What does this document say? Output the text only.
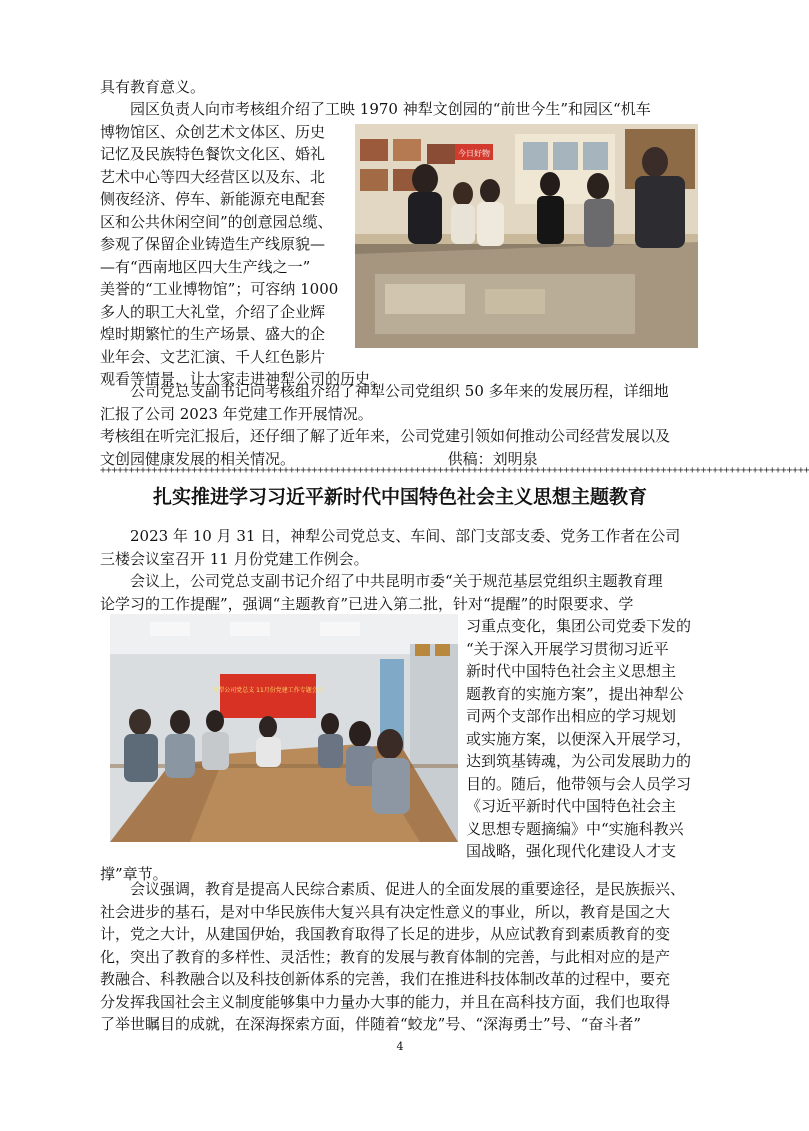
具有教育意义。
园区负责人向市考核组介绍了工映 1970 神犁文创园的“前世今生”和园区“机车
博物馆区、众创艺术文体区、历史
记忆及民族特色餐饮文化区、婚礼
艺术中心等四大经营区以及东、北
侧夜经济、停车、新能源充电配套
区和公共休闲空间”的创意园总缆、
参观了保留企业铸造生产线原貌—
—有“西南地区四大生产线之一”
美誉的“工业博物馆”；可容纳 1000
多人的职工大礼堂，介绍了企业辉
煌时期繁忙的生产场景、盛大的企
业年会、文艺汇演、千人红色影片
观看等情景，让大家走进神犁公司的历史。
今日好物
公司党总支副书记向考核组介绍了神犁公司党组织 50 多年来的发展历程，详细地
汇报了公司 2023 年党建工作开展情况。
考核组在听完汇报后，还仔细了解了近年来，公司党建引领如何推动公司经营发展以及
文创园健康发展的相关情况。                                供稿：刘明泉
++++++++++++++++++++++++++++++++++++++++++++++++++++++++++++++++++++++++++++++++++++++++++++++++++++++++++++++++++++++++++++
扎实推进学习习近平新时代中国特色社会主义思想主题教育
2023 年 10 月 31 日，神犁公司党总支、车间、部门支部支委、党务工作者在公司
三楼会议室召开 11 月份党建工作例会。
会议上，公司党总支副书记介绍了中共昆明市委“关于规范基层党组织主题教育理
论学习的工作提醒”，强调“主题教育”已进入第二批，针对“提醒”的时限要求、学
习重点变化，集团公司党委下发的
“关于深入开展学习贯彻习近平
新时代中国特色社会主义思想主
题教育的实施方案”，提出神犁公
司两个支部作出相应的学习规划
或实施方案，以便深入开展学习，
达到筑基铸魂，为公司发展助力的
目的。随后，他带领与会人员学习
《习近平新时代中国特色社会主
义思想专题摘编》中“实施科教兴
国战略，强化现代化建设人才支
撑”章节。
神犁公司党总支 11月份党建工作专题会议
会议强调，教育是提高人民综合素质、促进人的全面发展的重要途径，是民族振兴、
社会进步的基石，是对中华民族伟大复兴具有决定性意义的事业，所以，教育是国之大
计，党之大计，从建国伊始，我国教育取得了长足的进步，从应试教育到素质教育的变
化，突出了教育的多样性、灵活性；教育的发展与教育体制的完善，与此相对应的是产
教融合、科教融合以及科技创新体系的完善，我们在推进科技体制改革的过程中，要充
分发挥我国社会主义制度能够集中力量办大事的能力，并且在高科技方面，我们也取得
了举世瞩目的成就，在深海探索方面，伴随着“蛟龙”号、“深海勇士”号、“奋斗者”
4
